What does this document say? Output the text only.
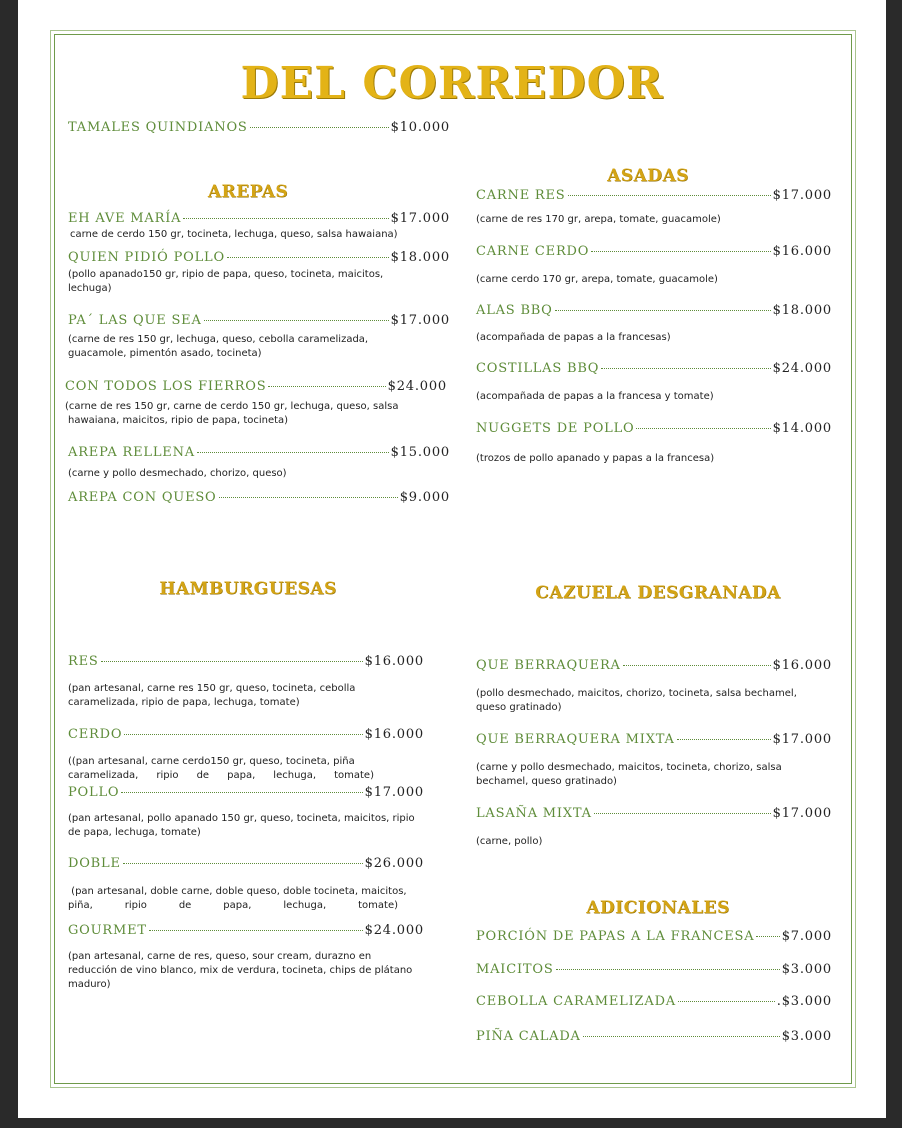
DEL CORREDOR
TAMALES QUINDIANOS	$10.000
AREPAS
EH AVE MARÍA	$17.000
carne de cerdo 150 gr, tocineta, lechuga, queso, salsa hawaiana)
QUIEN PIDIÓ POLLO	$18.000
(pollo apanado150 gr, ripio de papa, queso, tocineta, maicitos,
lechuga)
PA´ LAS QUE SEA	$17.000
(carne de res 150 gr, lechuga, queso, cebolla caramelizada,
guacamole, pimentón asado, tocineta)
CON TODOS LOS FIERROS	$24.000
(carne de res 150 gr, carne de cerdo 150 gr, lechuga, queso, salsa
hawaiana, maicitos, ripio de papa, tocineta)
AREPA RELLENA	$15.000
(carne y pollo desmechado, chorizo, queso)
AREPA CON QUESO	$9.000
ASADAS
CARNE RES	$17.000
(carne de res 170 gr, arepa, tomate, guacamole)
CARNE CERDO	$16.000
(carne cerdo 170 gr, arepa, tomate, guacamole)
ALAS BBQ	$18.000
(acompañada de papas a la francesas)
COSTILLAS BBQ	$24.000
(acompañada de papas a la francesa y tomate)
NUGGETS DE POLLO	$14.000
(trozos de pollo apanado y papas a la francesa)
HAMBURGUESAS
RES	$16.000
(pan artesanal, carne res 150 gr, queso, tocineta, cebolla
caramelizada, ripio de papa, lechuga, tomate)
CERDO	$16.000
((pan artesanal, carne cerdo150 gr, queso, tocineta, piña
caramelizada, ripio de papa, lechuga, tomate)
POLLO	$17.000
(pan artesanal, pollo apanado 150 gr, queso, tocineta, maicitos, ripio
de papa, lechuga, tomate)
DOBLE	$26.000
(pan artesanal, doble carne, doble queso, doble tocineta, maicitos,
piña, ripio de papa, lechuga, tomate)
GOURMET	$24.000
(pan artesanal, carne de res, queso, sour cream, durazno en
reducción de vino blanco, mix de verdura, tocineta, chips de plátano
maduro)
CAZUELA DESGRANADA
QUE BERRAQUERA	$16.000
(pollo desmechado, maicitos, chorizo, tocineta, salsa bechamel,
queso gratinado)
QUE BERRAQUERA MIXTA	$17.000
(carne y pollo desmechado, maicitos, tocineta, chorizo, salsa
bechamel, queso gratinado)
LASAÑA MIXTA	$17.000
(carne, pollo)
ADICIONALES
PORCIÓN DE PAPAS A LA FRANCESA $7.000
MAICITOS	$3.000
CEBOLLA CARAMELIZADA	.$3.000
PIÑA CALADA	$3.000
